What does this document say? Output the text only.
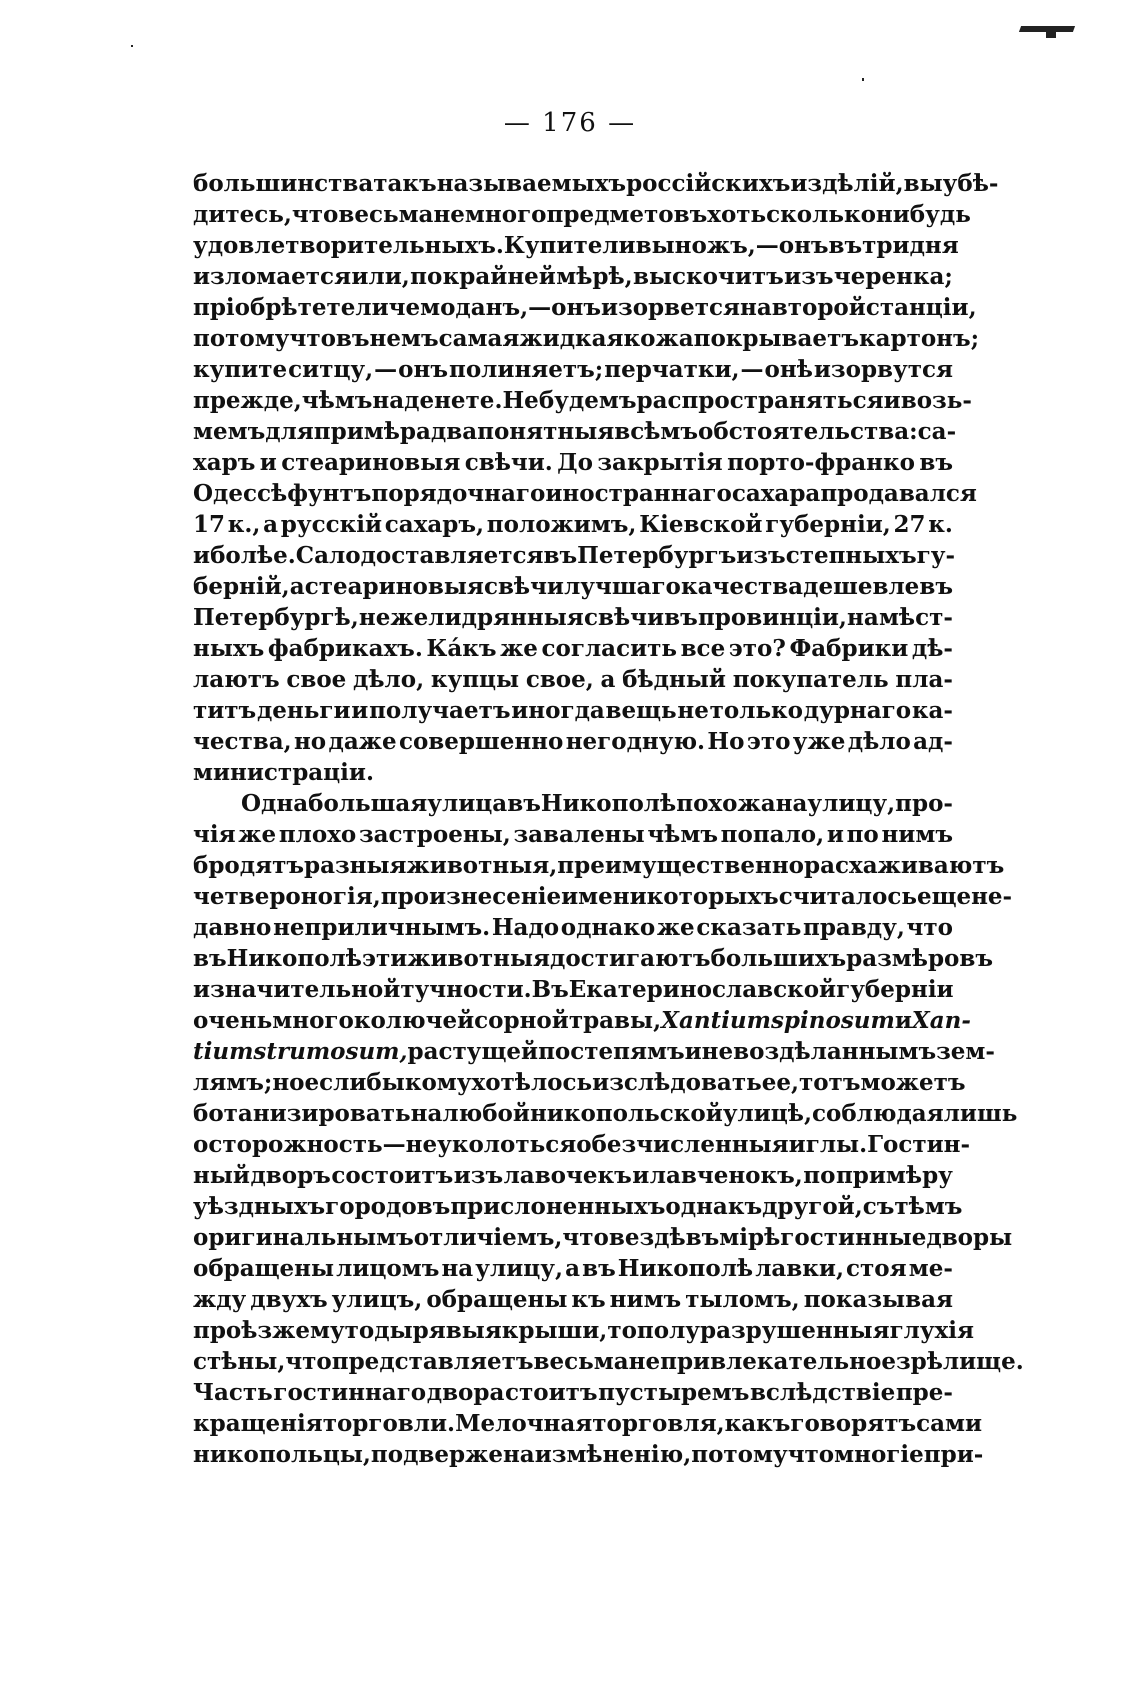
— 176 —
большинства такъ называемыхъ россійскихъ издѣлій, вы убѣ-
дитесь, что весьма немного предметовъ хоть сколько нибудь
удовлетворительныхъ. Купите ли вы ножъ,—онъ въ три дня
изломается или, по крайней мѣрѣ, выскочитъ изъ черенка;
пріобрѣтете ли чемоданъ,—онъ изорвется на второй станціи,
потому что въ немъ самая жидкая кожа покрываетъ картонъ;
купите ситцу, — онъ полиняетъ; перчатки, — онѣ изорвутся
прежде, чѣмъ наденете. Не будемъ распространяться и возь-
мемъ для примѣра два понятныя всѣмъ обстоятельства: са-
харъ и стеариновыя свѣчи. До закрытія порто-франко въ
Одессѣ фунтъ порядочнаго иностраннаго сахара продавался
17 к., а русскій сахаръ, положимъ, Кіевской губерніи, 27 к.
и болѣе. Сало доставляется въ Петербургъ изъ степныхъ гу-
берній, а стеариновыя свѣчи лучшаго качества дешевле въ
Петербургѣ, нежели дрянныя свѣчи въ провинціи, на мѣст-
ныхъ фабрикахъ. Кáкъ же согласить все это? Фабрики дѣ-
лаютъ свое дѣло, купцы свое, а бѣдный покупатель пла-
титъ деньги и получаетъ иногда вещь не только дурнаго ка-
чества, но даже совершенно негодную. Но это уже дѣло ад-
министраціи.
Одна большая улица въ Никополѣ похожа на улицу, про-
чія же плохо застроены, завалены чѣмъ попало, и по нимъ
бродятъ разныя животныя, преимущественно расхаживаютъ
четвероногія, произнесеніе имени которыхъ считалось еще не-
давно неприличнымъ. Надо однако же сказать правду, что
въ Никополѣ эти животныя достигаютъ большихъ размѣровъ
и значительной тучности. Въ Екатеринославской губерніи
очень много колючей сорной травы, Xantium spinosum и Xan-
tium strumosum, растущей по степямъ и невоздѣланнымъ зем-
лямъ; но еслибы кому хотѣлось изслѣдовать ее, тотъ можетъ
ботанизировать на любой никопольской улицѣ, соблюдая лишь
осторожность — не уколоться о безчисленныя иглы. Гостин-
ный дворъ состоитъ изъ лавочекъ и лавченокъ, по примѣру
уѣздныхъ городовъ прислоненныхъ одна къ другой, съ тѣмъ
оригинальнымъ отличіемъ, что вездѣ въ мірѣ гостинные дворы
обращены лицомъ на улицу, а въ Никополѣ лавки, стоя ме-
жду двухъ улицъ, обращены къ нимъ тыломъ, показывая
проѣзжему то дырявыя крыши, то полуразрушенныя глухія
стѣны, что представляетъ весьма непривлекательное зрѣлище.
Часть гостиннаго двора стоитъ пустыремъ вслѣдствіе пре-
кращенія торговли. Мелочная торговля, какъ говорятъ сами
никопольцы, подвержена измѣненію, потому что многіе при-
